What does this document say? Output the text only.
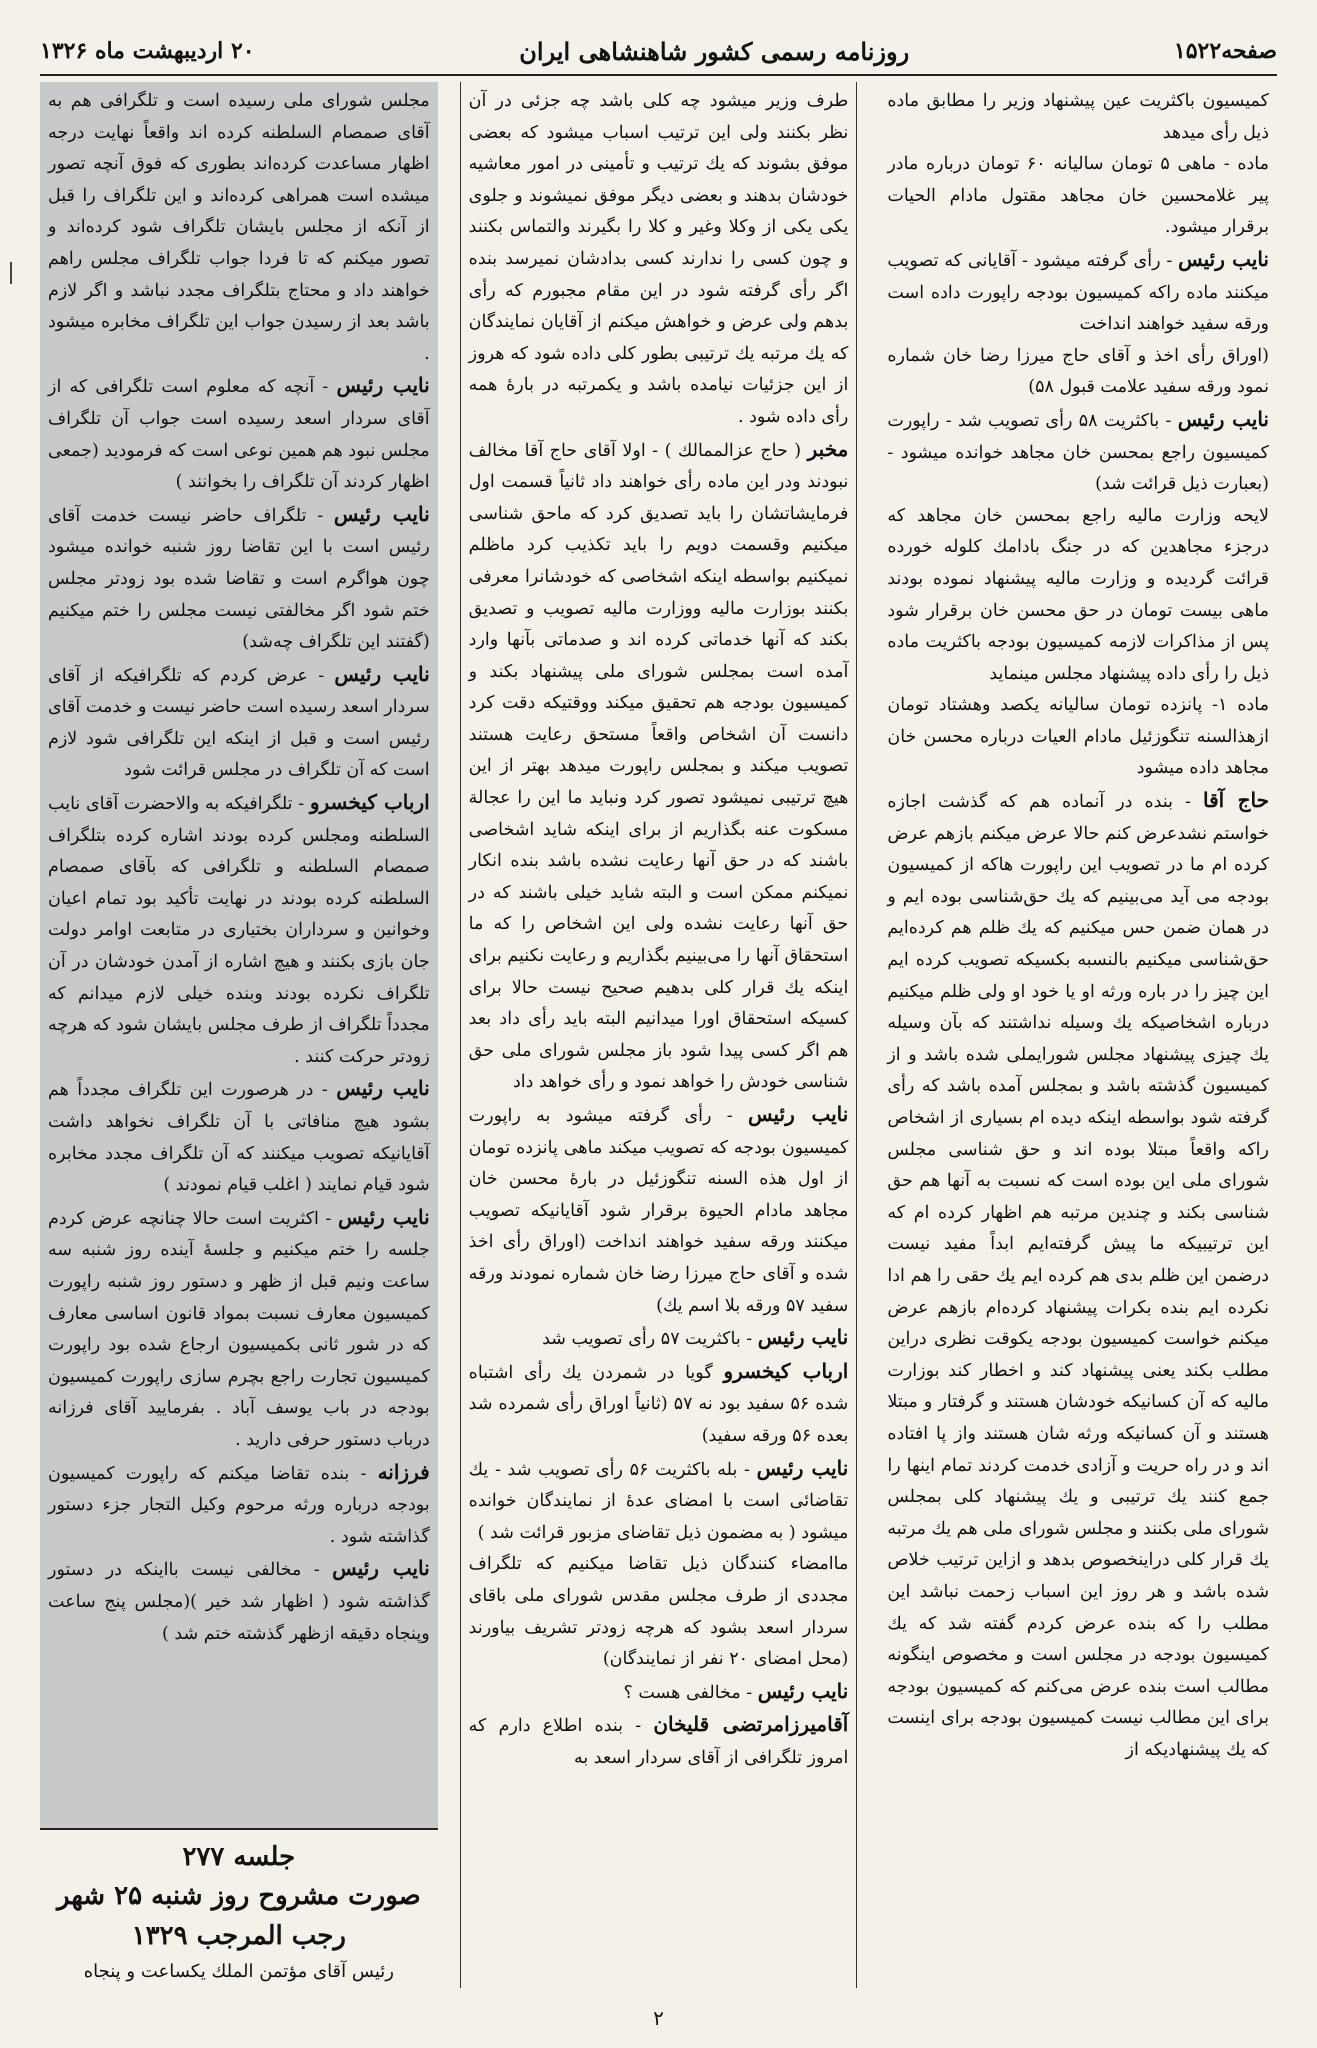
صفحه۱۵۲۲
روزنامه رسمی کشور شاهنشاهی ایران
۲۰ اردیبهشت ماه ۱۳۲۶

کمیسیون باکثریت عین پیشنهاد وزیر را مطابق ماده ذیل رأی میدهد

ماده - ماهی ۵ تومان سالیانه ۶۰ تومان درباره مادر پیر غلامحسین خان مجاهد مقتول مادام الحیات برقرار میشود.

نایب رئیس - رأی گرفته میشود - آقایانی که تصویب میکنند ماده راکه کمیسیون بودجه راپورت داده است ورقه سفید خواهند انداخت

(اوراق رأی اخذ و آقای حاج میرزا رضا خان شماره نمود ورقه سفید علامت قبول ۵۸)

نایب رئیس - باکثریت ۵۸ رأی تصویب شد - راپورت کمیسیون راجع بمحسن خان مجاهد خوانده میشود - (بعبارت ذیل قرائت شد)

لایحه وزارت مالیه راجع بمحسن خان مجاهد که درجزء مجاهدین که در جنگ بادامك کلوله خورده قرائت گردیده و وزارت مالیه پیشنهاد نموده بودند ماهی بیست تومان در حق محسن خان برقرار شود پس از مذاکرات لازمه کمیسیون بودجه باکثریت ماده ذیل را رأی داده پیشنهاد مجلس مینماید

ماده ۱- پانزده تومان سالیانه یکصد وهشتاد تومان ازهذالسنه تنگوزئیل مادام العیات درباره محسن خان مجاهد داده میشود

حاج آقا - بنده در آنماده هم که گذشت اجازه خواستم نشدعرض کنم حالا عرض میکنم بازهم عرض کرده ام ما در تصویب این راپورت هاکه از کمیسیون بودجه می آید می‌بینیم که یك حق‌شناسی بوده ایم و در همان ضمن حس میکنیم که یك ظلم هم کرده‌ایم حق‌شناسی میکنیم بالنسبه بکسیکه تصویب کرده ایم این چیز را در باره ورثه او یا خود او ولی ظلم میکنیم درباره اشخاصیکه یك وسیله نداشتند که بآن وسیله یك چیزی پیشنهاد مجلس شورایملی شده باشد و از کمیسیون گذشته باشد و بمجلس آمده باشد که رأی گرفته شود بواسطه اینکه دیده ام بسیاری از اشخاص راکه واقعاً مبتلا بوده اند و حق شناسی مجلس شورای ملی این بوده است که نسبت به آنها هم حق شناسی بکند و چندین مرتبه هم اظهار کرده ام که این ترتیبیکه ما پیش گرفته‌ایم ابداً مفید نیست درضمن این ظلم بدی هم کرده ایم یك حقی را هم ادا نکرده ایم بنده بکرات پیشنهاد کرده‌ام بازهم عرض میکنم خواست کمیسیون بودجه یکوقت نظری دراین مطلب بکند یعنی پیشنهاد کند و اخطار کند بوزارت مالیه که آن کسانیکه خودشان هستند و گرفتار و مبتلا هستند و آن کسانیکه ورثه شان هستند واز پا افتاده اند و در راه حریت و آزادی خدمت کردند تمام اینها را جمع کنند یك ترتیبی و یك پیشنهاد کلی بمجلس شورای ملی بکنند و مجلس شورای ملی هم یك مرتبه یك قرار کلی دراینخصوص بدهد و ازاین ترتیب خلاص شده باشد و هر روز این اسباب زحمت نباشد این مطلب را که بنده عرض کردم گفته شد که یك کمیسیون بودجه در مجلس است و مخصوص اینگونه مطالب است بنده عرض می‌کنم که کمیسیون بودجه برای این مطالب نیست کمیسیون بودجه برای اینست که یك پیشنهادیکه از

طرف وزیر میشود چه کلی باشد چه جزئی در آن نظر بکنند ولی این ترتیب اسباب میشود که بعضی موفق بشوند که یك ترتیب و تأمینی در امور معاشیه خودشان بدهند و بعضی دیگر موفق نمیشوند و جلوی یکی یکی از وکلا وغیر و کلا را بگیرند والتماس بکنند و چون کسی را ندارند کسی بدادشان نمیرسد بنده اگر رأی گرفته شود در این مقام مجبورم که رأی بدهم ولی عرض و خواهش میکنم از آقایان نمایندگان که یك مرتبه یك ترتیبی بطور کلی داده شود که هروز از این جزئیات نیامده باشد و یکمرتبه در بارهٔ همه رأی داده شود .

مخبر ( حاج عزالممالك ) - اولا آقای حاج آقا مخالف نبودند ودر این ماده رأی خواهند داد ثانیاً قسمت اول فرمایشاتشان را باید تصدیق کرد که ماحق شناسی میکنیم وقسمت دویم را باید تکذیب کرد ماظلم نمیکنیم بواسطه اینکه اشخاصی که خودشانرا معرفی بکنند بوزارت مالیه ووزارت مالیه تصویب و تصدیق بکند که آنها خدماتی کرده اند و صدماتی بآنها وارد آمده است بمجلس شورای ملی پیشنهاد بکند و کمیسیون بودجه هم تحقیق میکند ووقتیکه دقت کرد دانست آن اشخاص واقعاً مستحق رعایت هستند تصویب میکند و بمجلس راپورت میدهد بهتر از این هیچ ترتیبی نمیشود تصور کرد ونباید ما این را عجالة مسکوت عنه بگذاریم از برای اینکه شاید اشخاصی باشند که در حق آنها رعایت نشده باشد بنده انکار نمیکنم ممکن است و البته شاید خیلی باشند که در حق آنها رعایت نشده ولی این اشخاص را که ما استحقاق آنها را می‌بینیم بگذاریم و رعایت نکنیم برای اینکه یك قرار کلی بدهیم صحیح نیست حالا برای کسیکه استحقاق اورا میدانیم البته باید رأی داد بعد هم اگر کسی پیدا شود باز مجلس شورای ملی حق شناسی خودش را خواهد نمود و رأی خواهد داد

نایب رئیس - رأی گرفته میشود به راپورت کمیسیون بودجه که تصویب میکند ماهی پانزده تومان از اول هذه السنه تنگوزئیل در بارهٔ محسن خان مجاهد مادام الحیوة برقرار شود آقایانیکه تصویب میکنند ورقه سفید خواهند انداخت (اوراق رأی اخذ شده و آقای حاج میرزا رضا خان شماره نمودند ورقه سفید ۵۷ ورقه بلا اسم یك)

نایب رئیس - باکثریت ۵۷ رأی تصویب شد

ارباب کیخسرو گویا در شمردن یك رأی اشتباه شده ۵۶ سفید بود نه ۵۷ (ثانیاً اوراق رأی شمرده شد بعده ۵۶ ورقه سفید)

نایب رئیس - بله باکثریت ۵۶ رأی تصویب شد - یك تقاضائی است با امضای عدهٔ از نمایندگان خوانده میشود ( به مضمون ذیل تقاضای مزبور قرائت شد )

ماامضاء کنندگان ذیل تقاضا میکنیم که تلگراف مجددی از طرف مجلس مقدس شورای ملی باقای سردار اسعد بشود که هرچه زودتر تشریف بیاورند (محل امضای ۲۰ نفر از نمایندگان)

نایب رئیس - مخالفی هست ؟

آقامیرزامرتضی قلیخان - بنده اطلاع دارم که امروز تلگرافی از آقای سردار اسعد به

مجلس شورای ملی رسیده است و تلگرافی هم به آقای صمصام السلطنه کرده اند واقعاً نهایت درجه اظهار مساعدت کرده‌اند بطوری که فوق آنچه تصور میشده است همراهی کرده‌اند و این تلگراف را قبل از آنکه از مجلس بایشان تلگراف شود کرده‌اند و تصور میکنم که تا فردا جواب تلگراف مجلس راهم خواهند داد و محتاج بتلگراف مجدد نباشد و اگر لازم باشد بعد از رسیدن جواب این تلگراف مخابره میشود .

نایب رئیس - آنچه که معلوم است تلگرافی که از آقای سردار اسعد رسیده است جواب آن تلگراف مجلس نبود هم همین نوعی است که فرمودید (جمعی اظهار کردند آن تلگراف را بخوانند )

نایب رئیس - تلگراف حاضر نیست خدمت آقای رئیس است با این تقاضا روز شنبه خوانده میشود چون هواگرم است و تقاضا شده بود زودتر مجلس ختم شود اگر مخالفتی نیست مجلس را ختم میکنیم (گفتند این تلگراف چه‌شد)

نایب رئیس - عرض کردم که تلگرافیکه از آقای سردار اسعد رسیده است حاضر نیست و خدمت آقای رئیس است و قبل از اینکه این تلگرافی شود لازم است که آن تلگراف در مجلس قرائت شود

ارباب کیخسرو - تلگرافیکه به والاحضرت آقای نایب السلطنه ومجلس کرده بودند اشاره کرده بتلگراف صمصام السلطنه و تلگرافی که بآقای صمصام السلطنه کرده بودند در نهایت تأکید بود تمام اعیان وخوانین و سرداران بختیاری در متابعت اوامر دولت جان بازی بکنند و هیچ اشاره از آمدن خودشان در آن تلگراف نکرده بودند وبنده خیلی لازم میدانم که مجدداً تلگراف از طرف مجلس بایشان شود که هرچه زودتر حرکت کنند .

نایب رئیس - در هرصورت این تلگراف مجدداً هم بشود هیچ منافاتی با آن تلگراف نخواهد داشت آقایانیکه تصویب میکنند که آن تلگراف مجدد مخابره شود قیام نمایند ( اغلب قیام نمودند )

نایب رئیس - اکثریت است حالا چنانچه عرض کردم جلسه را ختم میکنیم و جلسهٔ آینده روز شنبه سه ساعت ونیم قبل از ظهر و دستور روز شنبه راپورت کمیسیون معارف نسبت بمواد قانون اساسی معارف که در شور ثانی بکمیسیون ارجاع شده بود راپورت کمیسیون تجارت راجع بچرم سازی راپورت کمیسیون بودجه در باب یوسف آباد . بفرمایید آقای فرزانه درباب دستور حرفی دارید .

فرزانه - بنده تقاضا میکنم که راپورت کمیسیون بودجه درباره ورثه مرحوم وکیل التجار جزء دستور گذاشته شود .

نایب رئیس - مخالفی نیست بااینکه در دستور گذاشته شود ( اظهار شد خیر )(مجلس پنج ساعت وپنجاه دقیقه ازظهر گذشته ختم شد )

جلسه ۲۷۷
صورت مشروح روز شنبه ۲۵ شهر
رجب المرجب ۱۳۲۹
رئیس آقای مؤتمن الملك یکساعت و پنجاه
۲
